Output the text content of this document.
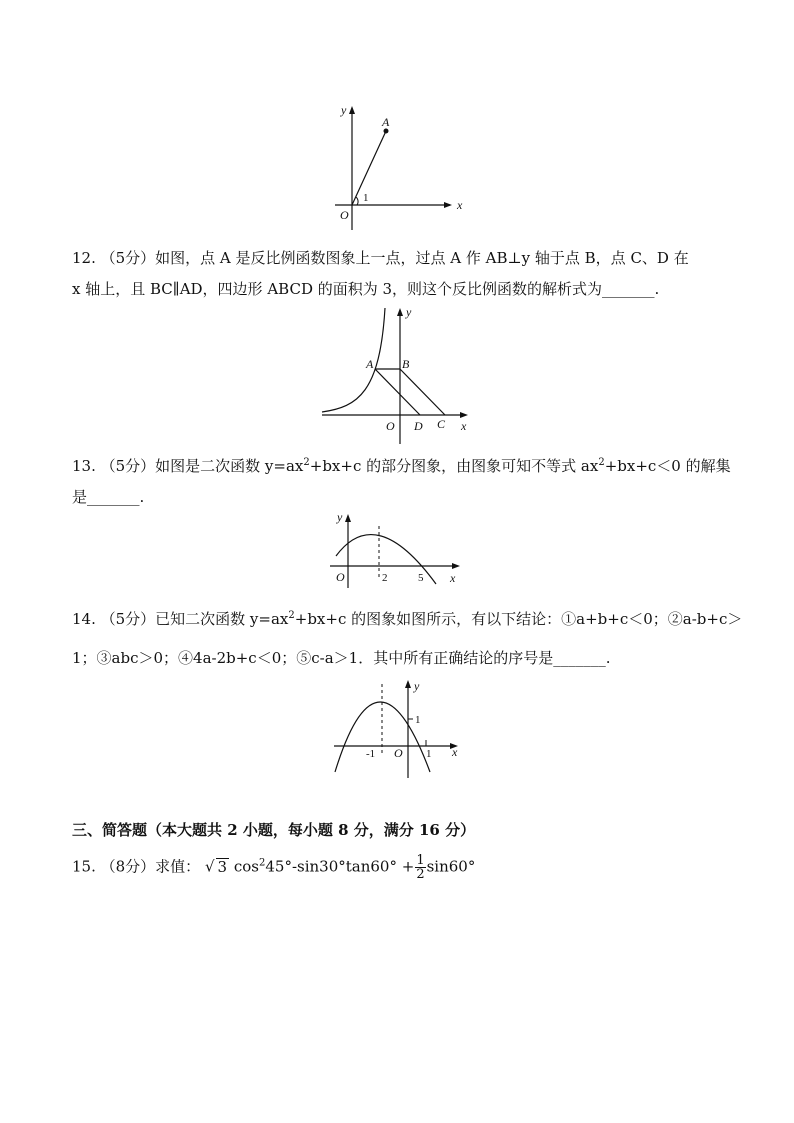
y
x
O
A
1
12. （5分）如图，点 A 是反比例函数图象上一点，过点 A 作 AB⊥y 轴于点 B，点 C、D 在
x 轴上，且 BC∥AD，四边形 ABCD 的面积为 3，则这个反比例函数的解析式为_______.
y
x
O
A B
D C
13. （5分）如图是二次函数 $y=ax^2+bx+c$ 的部分图象，由图象可知不等式 $ax^2+bx+c<0$ 的解集
是_______.
y
x
O	2	5
14. （5分）已知二次函数 $y=ax^2+bx+c$ 的图象如图所示，有以下结论：①a+b+c＜0；②a-b+c＞
1；③abc＞0；④4a-2b+c＜0；⑤c-a＞1．其中所有正确结论的序号是_______.
y
x
O
-1	1
1
三、简答题（本大题共 2 小题，每小题 8 分，满分 16 分）
15. （8分）求值： √ 3 $\cos^245^\circ-\sin 30^\circ\tan 60^\circ + \frac{1}{2} \sin 60^\circ$
